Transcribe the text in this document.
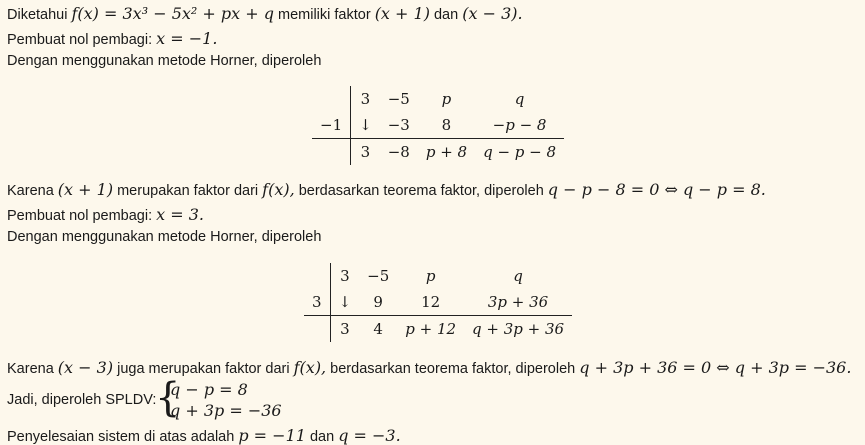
Diketahui f(x) = 3x³ − 5x² + px + q memiliki faktor (x + 1) dan (x − 3).
Pembuat nol pembagi: x = −1.
Dengan menggunakan metode Horner, diperoleh
	3	−5	p	q
−1	↓	−3	8	−p − 8
	3	−8	p + 8	q − p − 8
Karena (x + 1) merupakan faktor dari f(x), berdasarkan teorema faktor, diperoleh q − p − 8 = 0 ⇔ q − p = 8.
Pembuat nol pembagi: x = 3.
Dengan menggunakan metode Horner, diperoleh
	3	−5	p	q
3	↓	9	12	3p + 36
	3	4	p + 12	q + 3p + 36
Karena (x − 3) juga merupakan faktor dari f(x), berdasarkan teorema faktor, diperoleh q + 3p + 36 = 0 ⇔ q + 3p = −36.
Jadi, diperoleh SPLDV:
{
q − p = 8
q + 3p = −36
Penyelesaian sistem di atas adalah p = −11 dan q = −3.
